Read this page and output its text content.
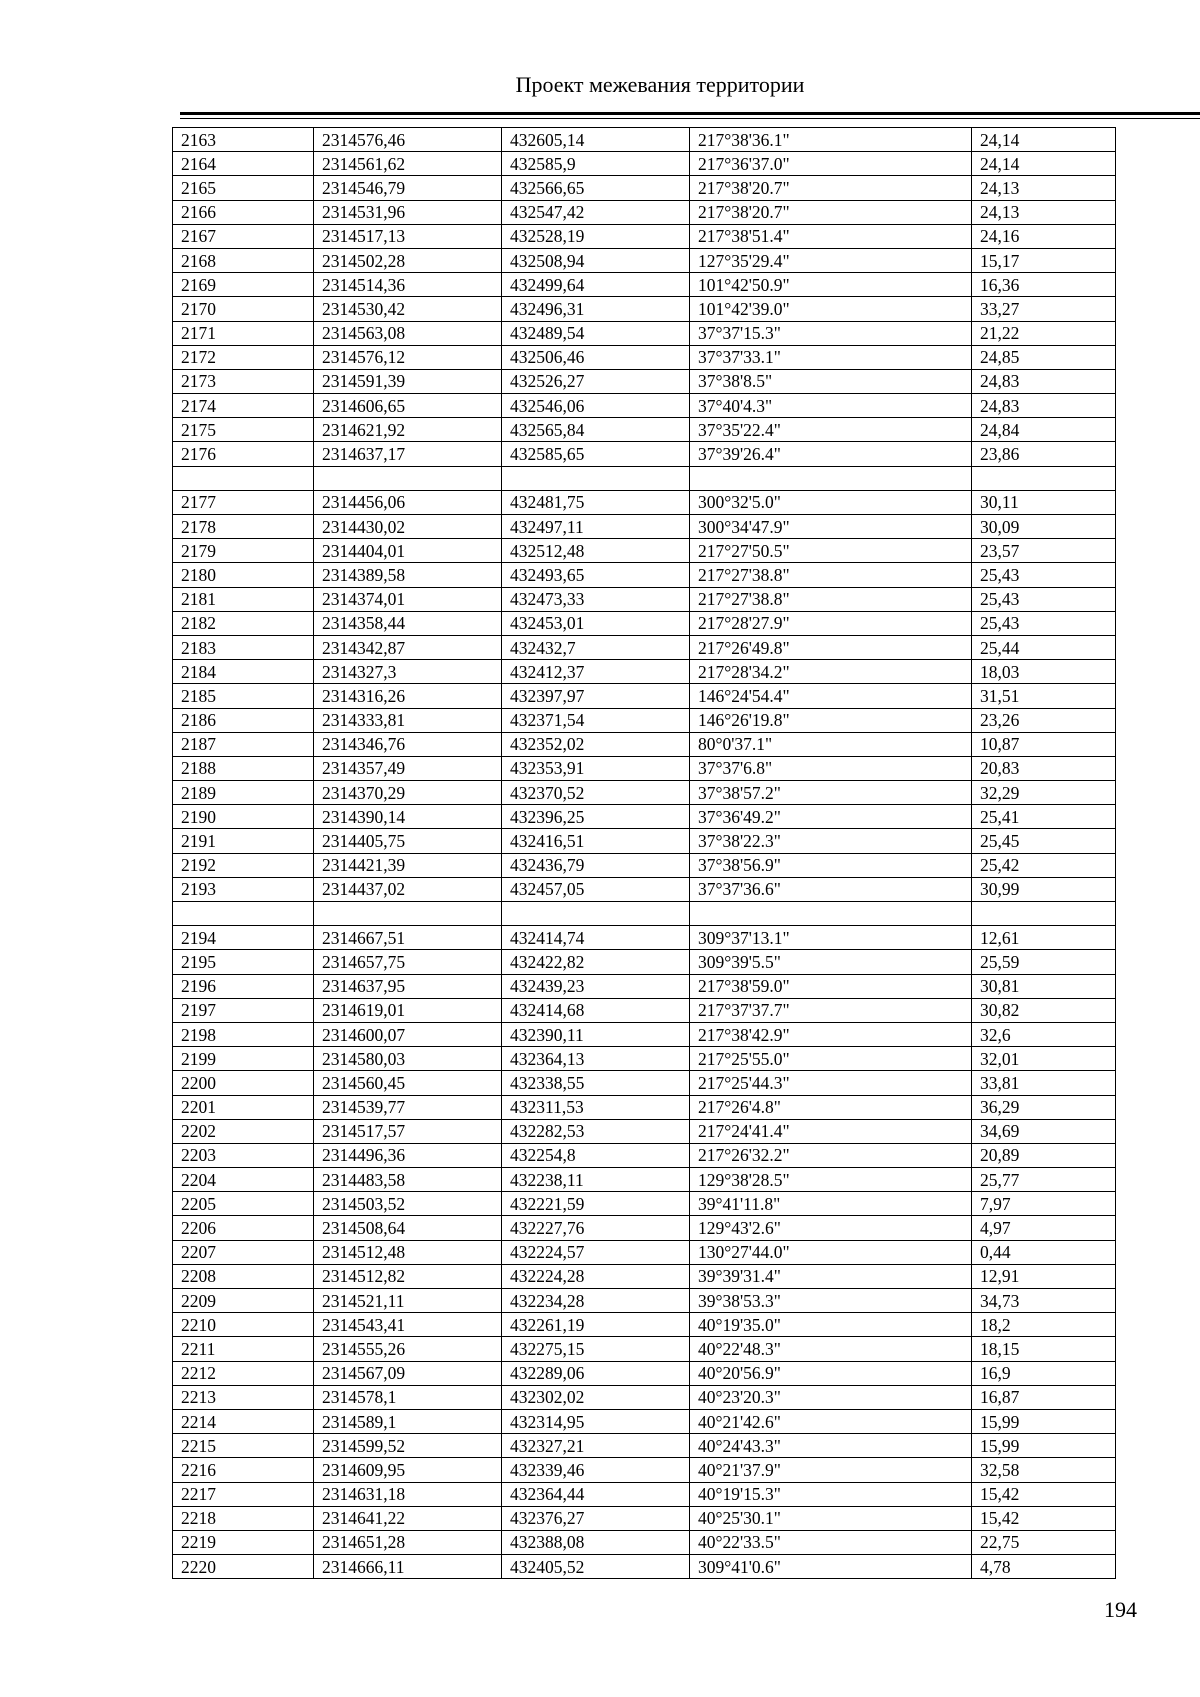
Проект межевания территории
2163	2314576,46	432605,14	217°38'36.1"	24,14
2164	2314561,62	432585,9	217°36'37.0"	24,14
2165	2314546,79	432566,65	217°38'20.7"	24,13
2166	2314531,96	432547,42	217°38'20.7"	24,13
2167	2314517,13	432528,19	217°38'51.4"	24,16
2168	2314502,28	432508,94	127°35'29.4"	15,17
2169	2314514,36	432499,64	101°42'50.9"	16,36
2170	2314530,42	432496,31	101°42'39.0"	33,27
2171	2314563,08	432489,54	37°37'15.3"	21,22
2172	2314576,12	432506,46	37°37'33.1"	24,85
2173	2314591,39	432526,27	37°38'8.5"	24,83
2174	2314606,65	432546,06	37°40'4.3"	24,83
2175	2314621,92	432565,84	37°35'22.4"	24,84
2176	2314637,17	432585,65	37°39'26.4"	23,86

2177	2314456,06	432481,75	300°32'5.0"	30,11
2178	2314430,02	432497,11	300°34'47.9"	30,09
2179	2314404,01	432512,48	217°27'50.5"	23,57
2180	2314389,58	432493,65	217°27'38.8"	25,43
2181	2314374,01	432473,33	217°27'38.8"	25,43
2182	2314358,44	432453,01	217°28'27.9"	25,43
2183	2314342,87	432432,7	217°26'49.8"	25,44
2184	2314327,3	432412,37	217°28'34.2"	18,03
2185	2314316,26	432397,97	146°24'54.4"	31,51
2186	2314333,81	432371,54	146°26'19.8"	23,26
2187	2314346,76	432352,02	80°0'37.1"	10,87
2188	2314357,49	432353,91	37°37'6.8"	20,83
2189	2314370,29	432370,52	37°38'57.2"	32,29
2190	2314390,14	432396,25	37°36'49.2"	25,41
2191	2314405,75	432416,51	37°38'22.3"	25,45
2192	2314421,39	432436,79	37°38'56.9"	25,42
2193	2314437,02	432457,05	37°37'36.6"	30,99

2194	2314667,51	432414,74	309°37'13.1"	12,61
2195	2314657,75	432422,82	309°39'5.5"	25,59
2196	2314637,95	432439,23	217°38'59.0"	30,81
2197	2314619,01	432414,68	217°37'37.7"	30,82
2198	2314600,07	432390,11	217°38'42.9"	32,6
2199	2314580,03	432364,13	217°25'55.0"	32,01
2200	2314560,45	432338,55	217°25'44.3"	33,81
2201	2314539,77	432311,53	217°26'4.8"	36,29
2202	2314517,57	432282,53	217°24'41.4"	34,69
2203	2314496,36	432254,8	217°26'32.2"	20,89
2204	2314483,58	432238,11	129°38'28.5"	25,77
2205	2314503,52	432221,59	39°41'11.8"	7,97
2206	2314508,64	432227,76	129°43'2.6"	4,97
2207	2314512,48	432224,57	130°27'44.0"	0,44
2208	2314512,82	432224,28	39°39'31.4"	12,91
2209	2314521,11	432234,28	39°38'53.3"	34,73
2210	2314543,41	432261,19	40°19'35.0"	18,2
2211	2314555,26	432275,15	40°22'48.3"	18,15
2212	2314567,09	432289,06	40°20'56.9"	16,9
2213	2314578,1	432302,02	40°23'20.3"	16,87
2214	2314589,1	432314,95	40°21'42.6"	15,99
2215	2314599,52	432327,21	40°24'43.3"	15,99
2216	2314609,95	432339,46	40°21'37.9"	32,58
2217	2314631,18	432364,44	40°19'15.3"	15,42
2218	2314641,22	432376,27	40°25'30.1"	15,42
2219	2314651,28	432388,08	40°22'33.5"	22,75
2220	2314666,11	432405,52	309°41'0.6"	4,78
194
